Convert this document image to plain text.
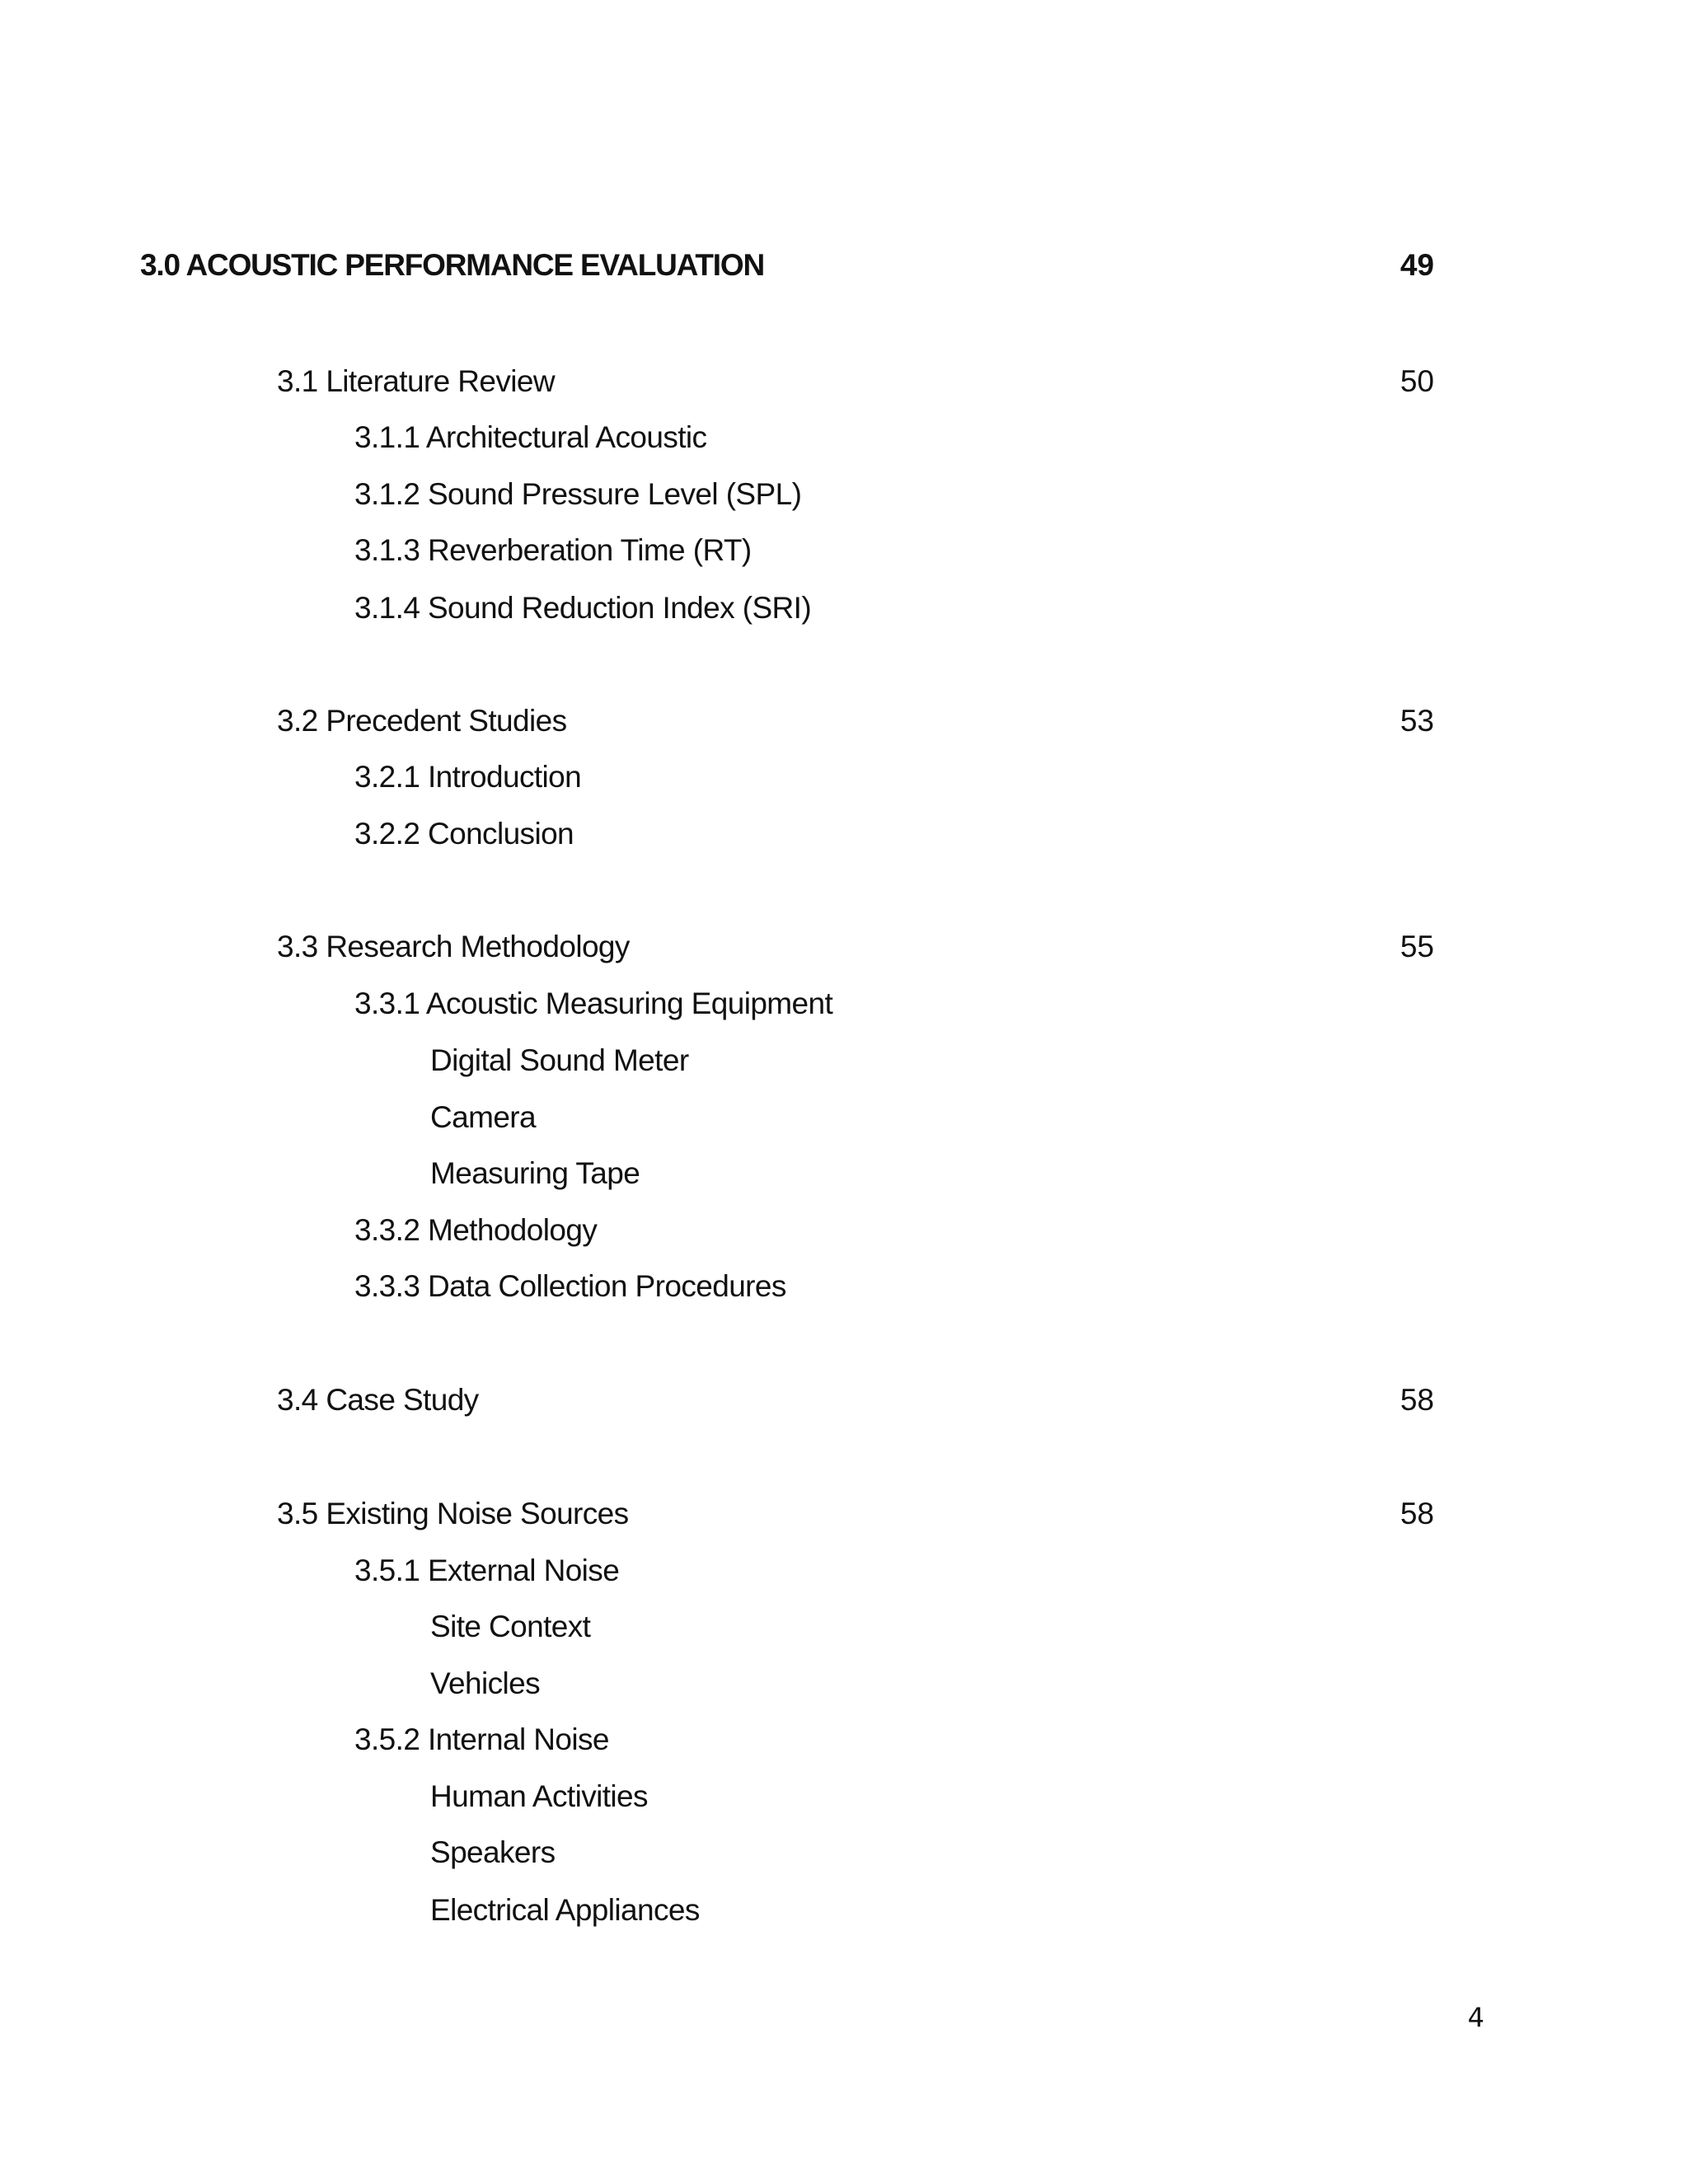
3.0 ACOUSTIC PERFORMANCE EVALUATION	49
3.1 Literature Review	50
3.1.1 Architectural Acoustic
3.1.2 Sound Pressure Level (SPL)
3.1.3 Reverberation Time (RT)
3.1.4 Sound Reduction Index (SRI)
3.2 Precedent Studies	53
3.2.1 Introduction
3.2.2 Conclusion
3.3 Research Methodology	55
3.3.1 Acoustic Measuring Equipment
Digital Sound Meter
Camera
Measuring Tape
3.3.2 Methodology
3.3.3 Data Collection Procedures
3.4 Case Study	58
3.5 Existing Noise Sources	58
3.5.1 External Noise
Site Context
Vehicles
3.5.2 Internal Noise
Human Activities
Speakers
Electrical Appliances
4
